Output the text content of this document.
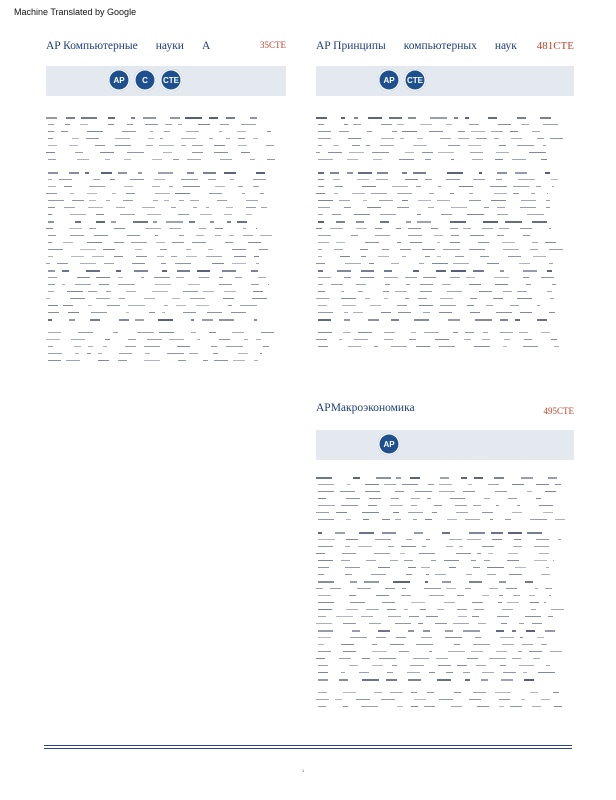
Machine Translated by Google
AP Компьютерные науки A	35CTE
AP	C	CTE
AP Принципы компьютерных наук 481CTE
AP	CTE
APМакроэкономика	495CTE
AP
1
